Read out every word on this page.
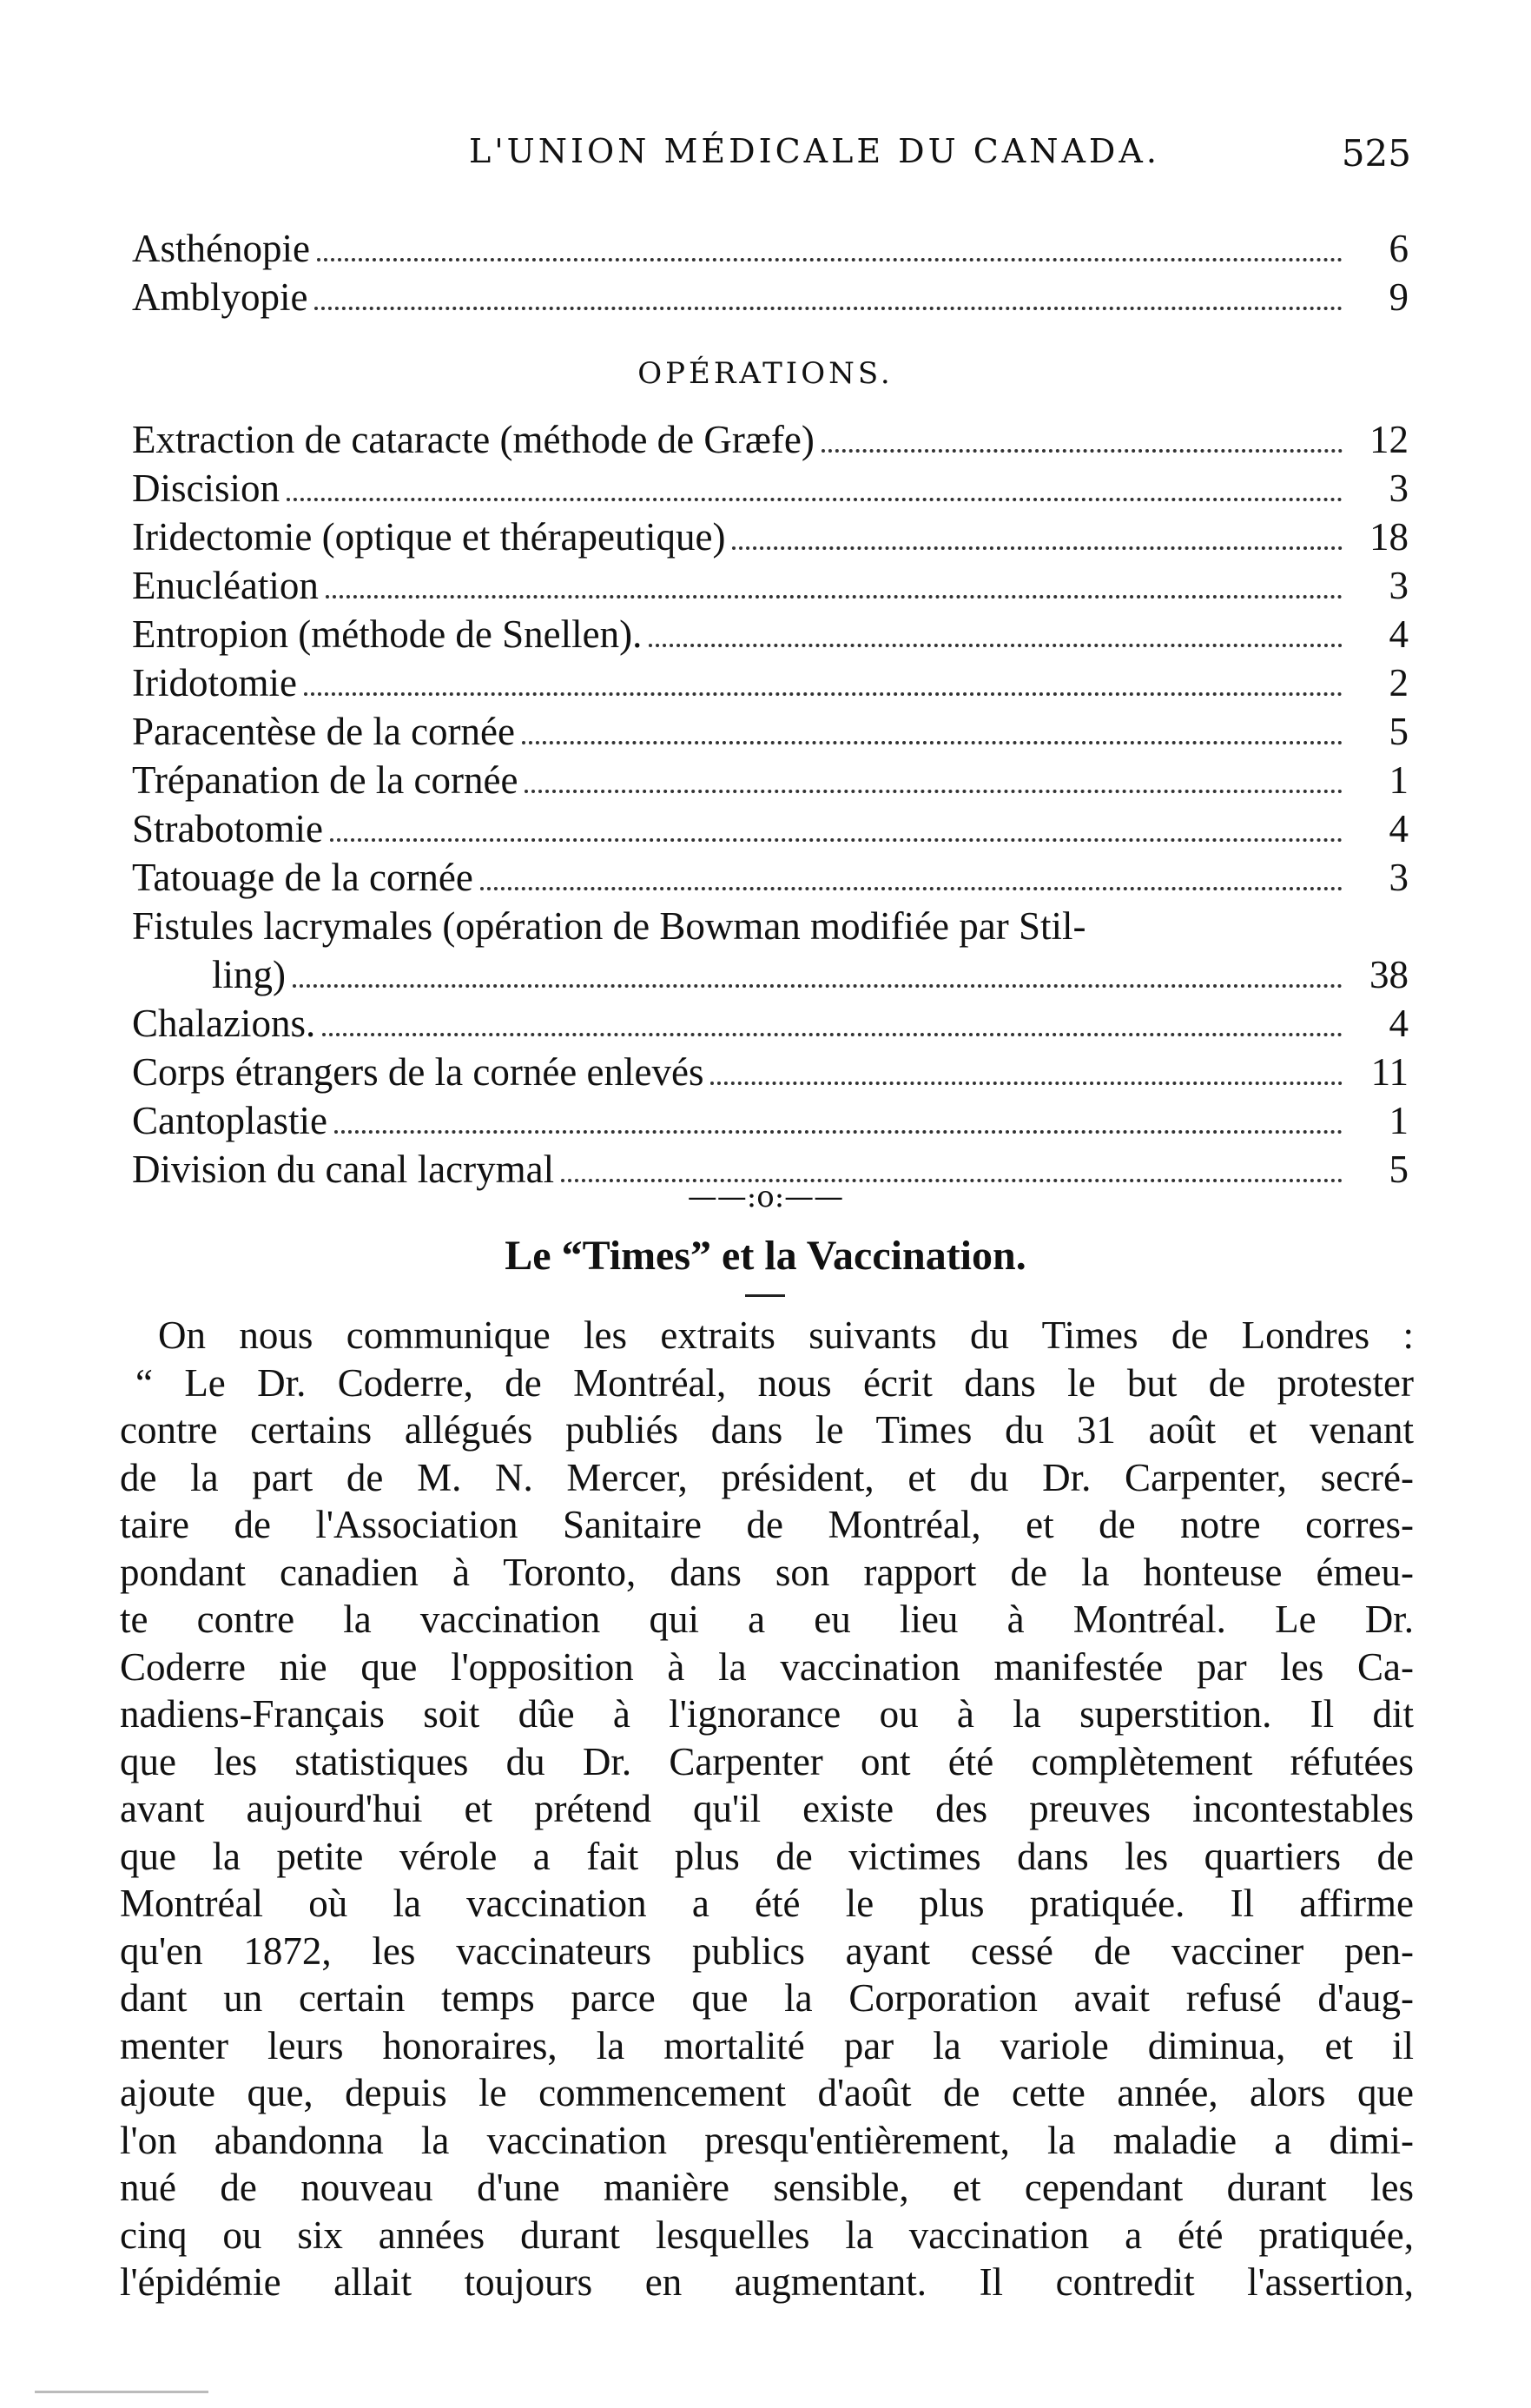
L'UNION MÉDICALE DU CANADA.	525
Asthénopie	6
Amblyopie	9
OPÉRATIONS.
Extraction de cataracte (méthode de Græfe)	12
Discision	3
Iridectomie (optique et thérapeutique)	18
Enucléation	3
Entropion (méthode de Snellen).	4
Iridotomie	2
Paracentèse de la cornée	5
Trépanation de la cornée	1
Strabotomie	4
Tatouage de la cornée	3
Fistules lacrymales (opération de Bowman modifiée par Stil-
ling)	38
Chalazions.	4
Corps étrangers de la cornée enlevés	11
Cantoplastie	1
Division du canal lacrymal	5
——:o:——
Le “Times” et la Vaccination.
On nous communique les extraits suivants du Times de Londres :
“ Le Dr. Coderre, de Montréal, nous écrit dans le but de protester
contre certains allégués publiés dans le Times du 31 août et venant
de la part de M. N. Mercer, président, et du Dr. Carpenter, secré-
taire de l'Association Sanitaire de Montréal, et de notre corres-
pondant canadien à Toronto, dans son rapport de la honteuse émeu-
te contre la vaccination qui a eu lieu à Montréal. Le Dr.
Coderre nie que l'opposition à la vaccination manifestée par les Ca-
nadiens-Français soit dûe à l'ignorance ou à la superstition. Il dit
que les statistiques du Dr. Carpenter ont été complètement réfutées
avant aujourd'hui et prétend qu'il existe des preuves incontestables
que la petite vérole a fait plus de victimes dans les quartiers de
Montréal où la vaccination a été le plus pratiquée. Il affirme
qu'en 1872, les vaccinateurs publics ayant cessé de vacciner pen-
dant un certain temps parce que la Corporation avait refusé d'aug-
menter leurs honoraires, la mortalité par la variole diminua, et il
ajoute que, depuis le commencement d'août de cette année, alors que
l'on abandonna la vaccination presqu'entièrement, la maladie a dimi-
nué de nouveau d'une manière sensible, et cependant durant les
cinq ou six années durant lesquelles la vaccination a été pratiquée,
l'épidémie allait toujours en augmentant. Il contredit l'assertion,
